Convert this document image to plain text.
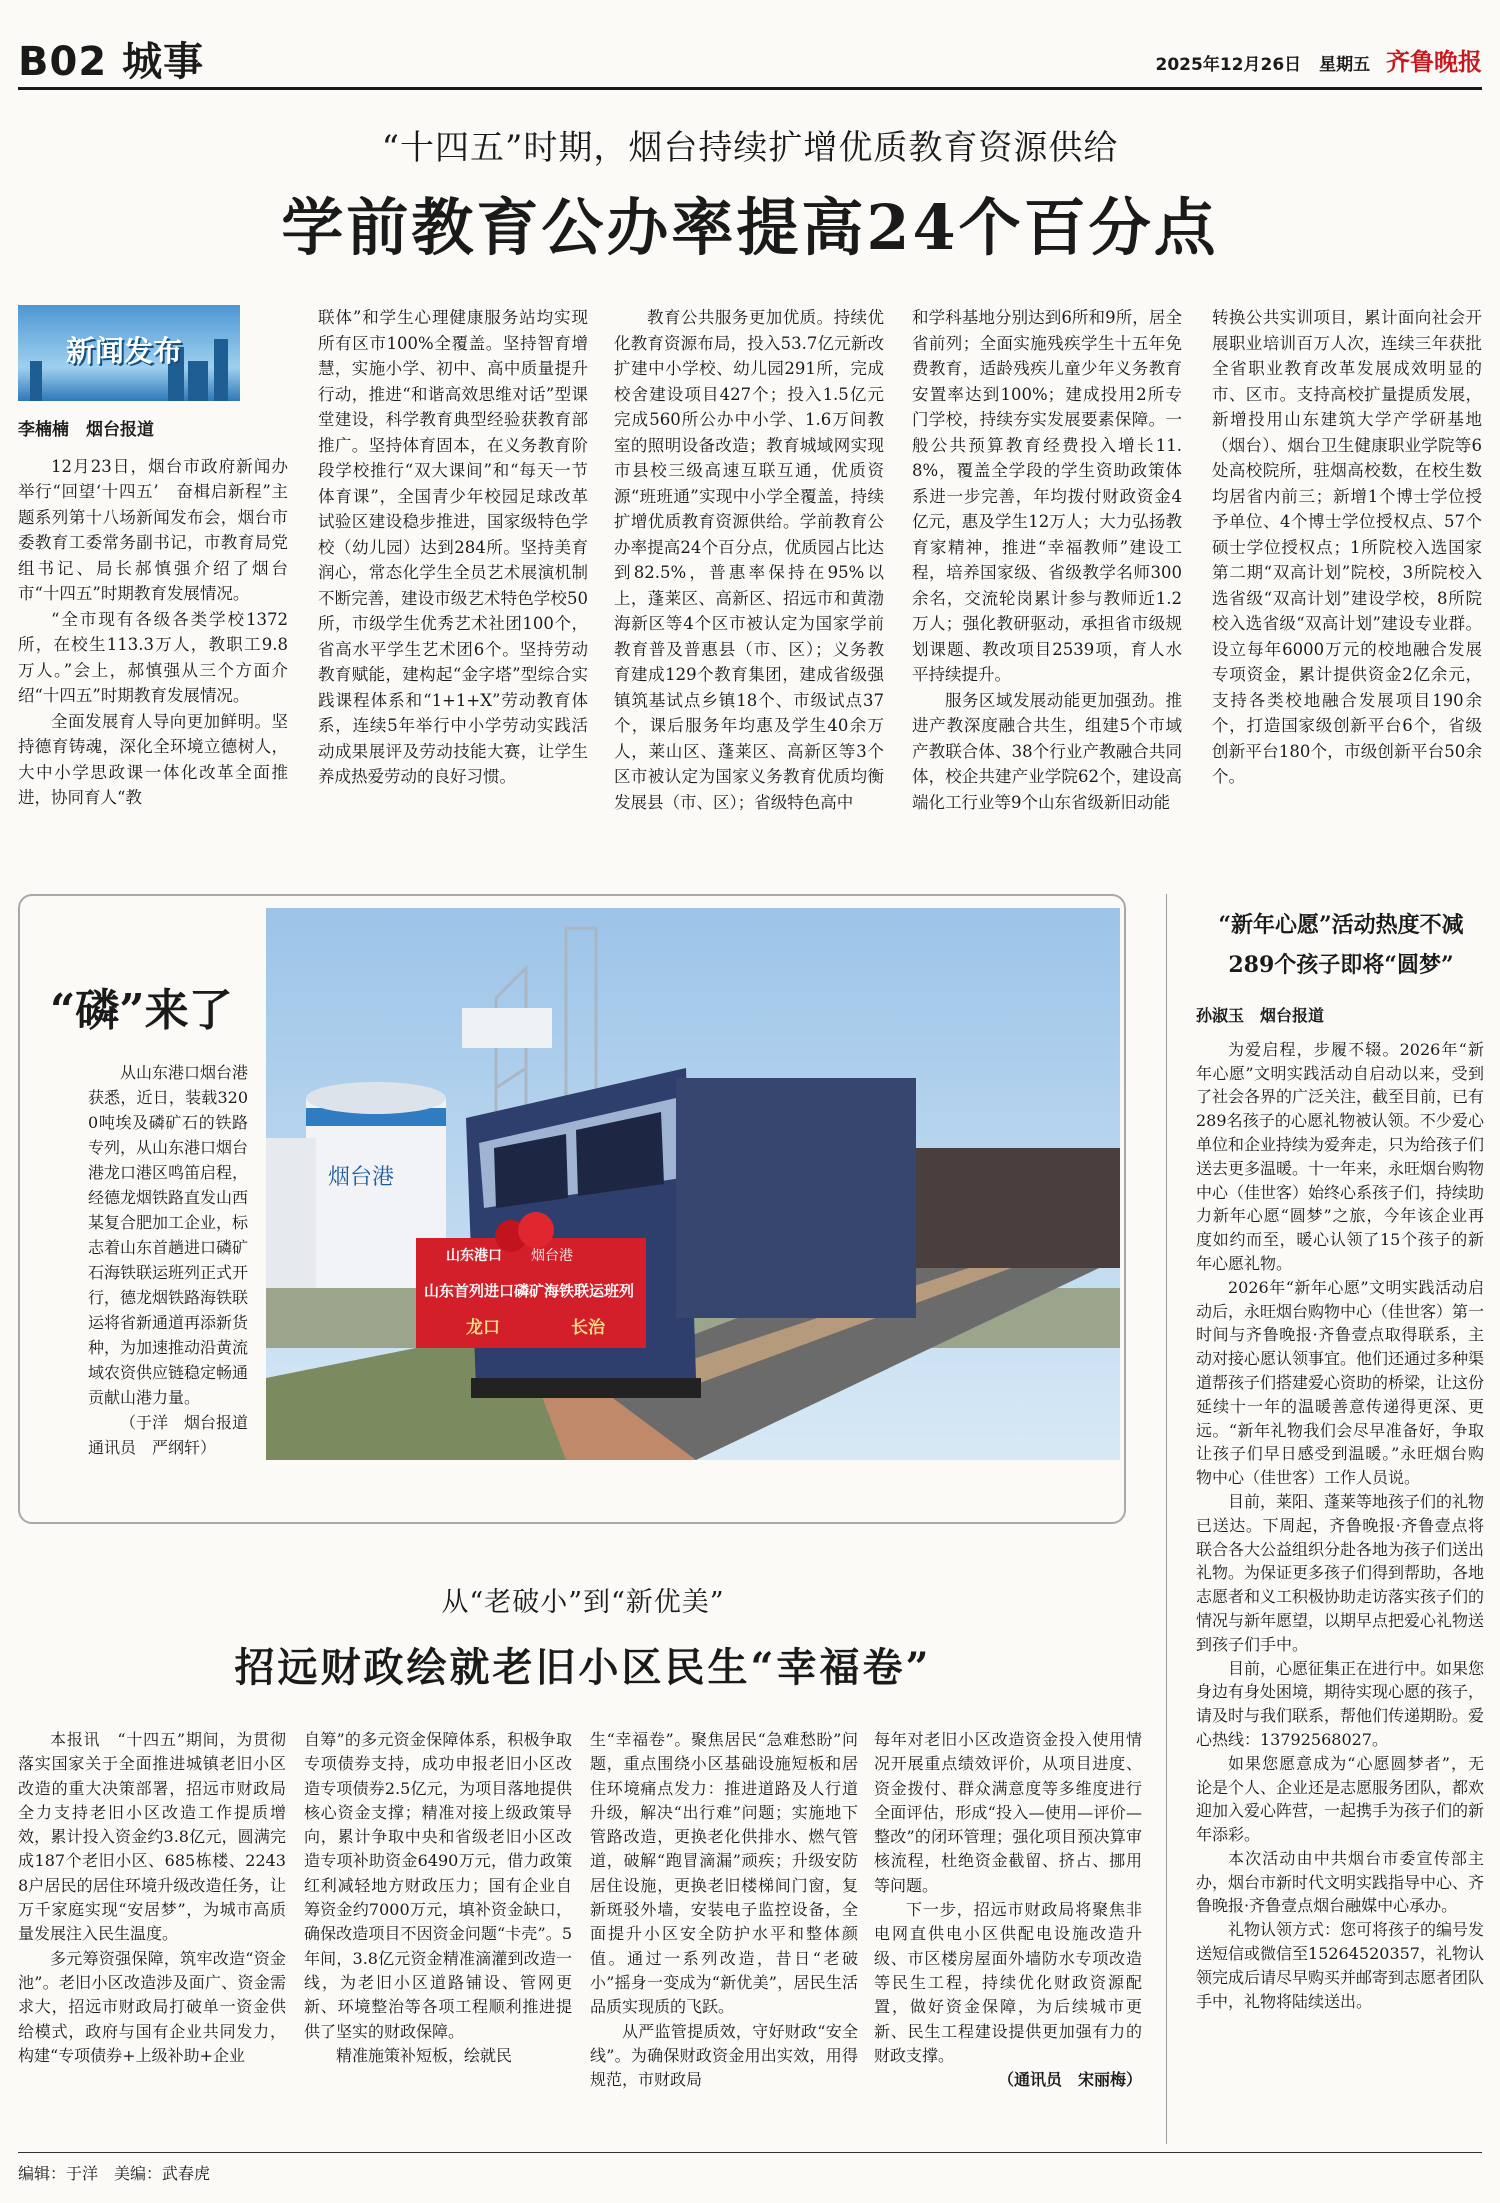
B02 城事	2025年12月26日 星期五 齐鲁晚报
“十四五”时期，烟台持续扩增优质教育资源供给
学前教育公办率提高24个百分点
新闻发布
李楠楠　烟台报道

12月23日，烟台市政府新闻办举行“回望‘十四五’　奋楫启新程”主题系列第十八场新闻发布会，烟台市委教育工委常务副书记，市教育局党组书记、局长郝慎强介绍了烟台市“十四五”时期教育发展情况。

“全市现有各级各类学校1372所，在校生113.3万人，教职工9.8万人。”会上，郝慎强从三个方面介绍“十四五”时期教育发展情况。

全面发展育人导向更加鲜明。坚持德育铸魂，深化全环境立德树人，大中小学思政课一体化改革全面推进，协同育人“教

联体”和学生心理健康服务站均实现所有区市100%全覆盖。坚持智育增慧，实施小学、初中、高中质量提升行动，推进“和谐高效思维对话”型课堂建设，科学教育典型经验获教育部推广。坚持体育固本，在义务教育阶段学校推行“双大课间”和“每天一节体育课”，全国青少年校园足球改革试验区建设稳步推进，国家级特色学校（幼儿园）达到284所。坚持美育润心，常态化学生全员艺术展演机制不断完善，建设市级艺术特色学校50所，市级学生优秀艺术社团100个，省高水平学生艺术团6个。坚持劳动教育赋能，建构起“金字塔”型综合实践课程体系和“1+1+X”劳动教育体系，连续5年举行中小学劳动实践活动成果展评及劳动技能大赛，让学生养成热爱劳动的良好习惯。

教育公共服务更加优质。持续优化教育资源布局，投入53.7亿元新改扩建中小学校、幼儿园291所，完成校舍建设项目427个；投入1.5亿元完成560所公办中小学、1.6万间教室的照明设备改造；教育城域网实现市县校三级高速互联互通，优质资源“班班通”实现中小学全覆盖，持续扩增优质教育资源供给。学前教育公办率提高24个百分点，优质园占比达到82.5%，普惠率保持在95%以上，蓬莱区、高新区、招远市和黄渤海新区等4个区市被认定为国家学前教育普及普惠县（市、区）；义务教育建成129个教育集团，建成省级强镇筑基试点乡镇18个、市级试点37个，课后服务年均惠及学生40余万人，莱山区、蓬莱区、高新区等3个区市被认定为国家义务教育优质均衡发展县（市、区）；省级特色高中

和学科基地分别达到6所和9所，居全省前列；全面实施残疾学生十五年免费教育，适龄残疾儿童少年义务教育安置率达到100%；建成投用2所专门学校，持续夯实发展要素保障。一般公共预算教育经费投入增长11.8%，覆盖全学段的学生资助政策体系进一步完善，年均拨付财政资金4亿元，惠及学生12万人；大力弘扬教育家精神，推进“幸福教师”建设工程，培养国家级、省级教学名师300余名，交流轮岗累计参与教师近1.2万人；强化教研驱动，承担省市级规划课题、教改项目2539项，育人水平持续提升。

服务区域发展动能更加强劲。推进产教深度融合共生，组建5个市域产教联合体、38个行业产教融合共同体，校企共建产业学院62个，建设高端化工行业等9个山东省级新旧动能

转换公共实训项目，累计面向社会开展职业培训百万人次，连续三年获批全省职业教育改革发展成效明显的市、区市。支持高校扩量提质发展，新增投用山东建筑大学产学研基地（烟台）、烟台卫生健康职业学院等6处高校院所，驻烟高校数，在校生数均居省内前三；新增1个博士学位授予单位、4个博士学位授权点、57个硕士学位授权点；1所院校入选国家第二期“双高计划”院校，3所院校入选省级“双高计划”建设学校，8所院校入选省级“双高计划”建设专业群。设立每年6000万元的校地融合发展专项资金，累计提供资金2亿余元，支持各类校地融合发展项目190余个，打造国家级创新平台6个，省级创新平台180个，市级创新平台50余个。

“磷”来了

从山东港口烟台港获悉，近日，装载3200吨埃及磷矿石的铁路专列，从山东港口烟台港龙口港区鸣笛启程，经德龙烟铁路直发山西某复合肥加工企业，标志着山东首趟进口磷矿石海铁联运班列正式开行，德龙烟铁路海铁联运将省新通道再添新货种，为加速推动沿黄流域农资供应链稳定畅通贡献山港力量。

（于洋　烟台报道

通讯员　严纲轩）

烟台港
山东港口 烟台港
山东首列进口磷矿海铁联运班列
龙口	长治
“新年心愿”活动热度不减
289个孩子即将“圆梦”
孙淑玉　烟台报道

为爱启程，步履不辍。2026年“新年心愿”文明实践活动自启动以来，受到了社会各界的广泛关注，截至目前，已有289名孩子的心愿礼物被认领。不少爱心单位和企业持续为爱奔走，只为给孩子们送去更多温暖。十一年来，永旺烟台购物中心（佳世客）始终心系孩子们，持续助力新年心愿“圆梦”之旅，今年该企业再度如约而至，暖心认领了15个孩子的新年心愿礼物。

2026年“新年心愿”文明实践活动启动后，永旺烟台购物中心（佳世客）第一时间与齐鲁晚报·齐鲁壹点取得联系，主动对接心愿认领事宜。他们还通过多种渠道帮孩子们搭建爱心资助的桥梁，让这份延续十一年的温暖善意传递得更深、更远。“新年礼物我们会尽早准备好，争取让孩子们早日感受到温暖。”永旺烟台购物中心（佳世客）工作人员说。

目前，莱阳、蓬莱等地孩子们的礼物已送达。下周起，齐鲁晚报·齐鲁壹点将联合各大公益组织分赴各地为孩子们送出礼物。为保证更多孩子们得到帮助，各地志愿者和义工积极协助走访落实孩子们的情况与新年愿望，以期早点把爱心礼物送到孩子们手中。

目前，心愿征集正在进行中。如果您身边有身处困境，期待实现心愿的孩子，请及时与我们联系，帮他们传递期盼。爱心热线：13792568027。

如果您愿意成为“心愿圆梦者”，无论是个人、企业还是志愿服务团队，都欢迎加入爱心阵营，一起携手为孩子们的新年添彩。

本次活动由中共烟台市委宣传部主办，烟台市新时代文明实践指导中心、齐鲁晚报·齐鲁壹点烟台融媒中心承办。

礼物认领方式：您可将孩子的编号发送短信或微信至15264520357，礼物认领完成后请尽早购买并邮寄到志愿者团队手中，礼物将陆续送出。

从“老破小”到“新优美”
招远财政绘就老旧小区民生“幸福卷”

本报讯　“十四五”期间，为贯彻落实国家关于全面推进城镇老旧小区改造的重大决策部署，招远市财政局全力支持老旧小区改造工作提质增效，累计投入资金约3.8亿元，圆满完成187个老旧小区、685栋楼、22438户居民的居住环境升级改造任务，让万千家庭实现“安居梦”，为城市高质量发展注入民生温度。

多元筹资强保障，筑牢改造“资金池”。老旧小区改造涉及面广、资金需求大，招远市财政局打破单一资金供给模式，政府与国有企业共同发力，构建“专项债券+上级补助+企业

自筹”的多元资金保障体系，积极争取专项债券支持，成功申报老旧小区改造专项债券2.5亿元，为项目落地提供核心资金支撑；精准对接上级政策导向，累计争取中央和省级老旧小区改造专项补助资金6490万元，借力政策红利减轻地方财政压力；国有企业自筹资金约7000万元，填补资金缺口，确保改造项目不因资金问题“卡壳”。5年间，3.8亿元资金精准滴灌到改造一线，为老旧小区道路铺设、管网更新、环境整治等各项工程顺利推进提供了坚实的财政保障。

精准施策补短板，绘就民

生“幸福卷”。聚焦居民“急难愁盼”问题，重点围绕小区基础设施短板和居住环境痛点发力：推进道路及人行道升级，解决“出行难”问题；实施地下管路改造，更换老化供排水、燃气管道，破解“跑冒滴漏”顽疾；升级安防居住设施，更换老旧楼梯间门窗，复新斑驳外墙，安装电子监控设备，全面提升小区安全防护水平和整体颜值。通过一系列改造，昔日“老破小”摇身一变成为“新优美”，居民生活品质实现质的飞跃。

从严监管提质效，守好财政“安全线”。为确保财政资金用出实效，用得规范，市财政局

每年对老旧小区改造资金投入使用情况开展重点绩效评价，从项目进度、资金拨付、群众满意度等多维度进行全面评估，形成“投入—使用—评价—整改”的闭环管理；强化项目预决算审核流程，杜绝资金截留、挤占、挪用等问题。

下一步，招远市财政局将聚焦非电网直供电小区供配电设施改造升级、市区楼房屋面外墙防水专项改造等民生工程，持续优化财政资源配置，做好资金保障，为后续城市更新、民生工程建设提供更加强有力的财政支撑。

（通讯员　宋丽梅）

编辑：于洋　美编：武春虎
